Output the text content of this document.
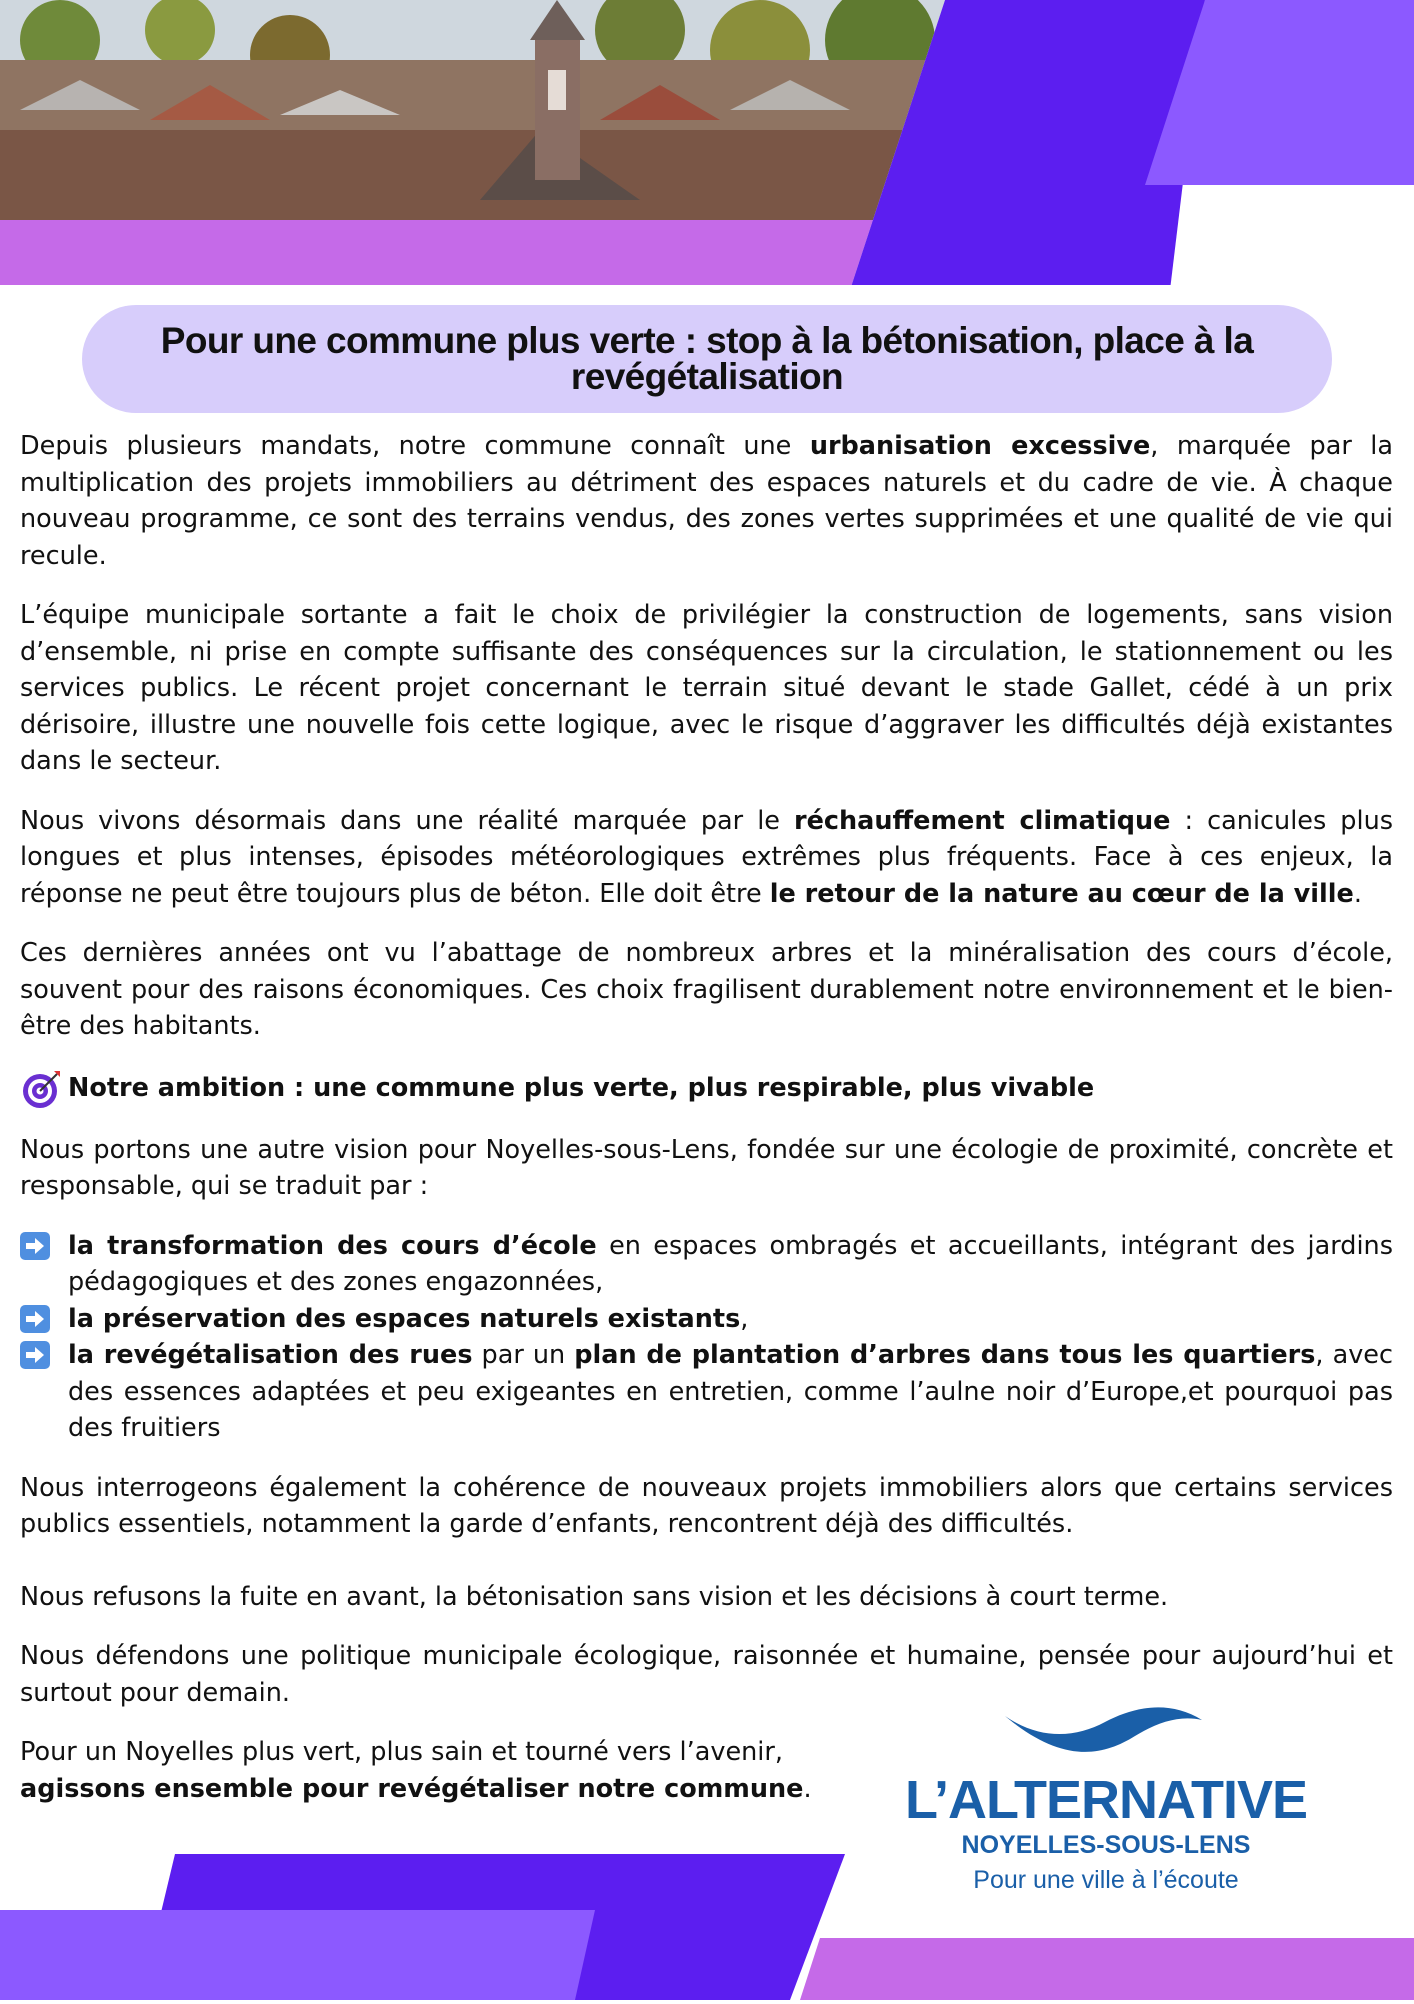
Pour une commune plus verte : stop à la bétonisation, place à la revégétalisation

Depuis plusieurs mandats, notre commune connaît une urbanisation excessive, marquée par la multiplication des projets immobiliers au détriment des espaces naturels et du cadre de vie. À chaque nouveau programme, ce sont des terrains vendus, des zones vertes supprimées et une qualité de vie qui recule.

L’équipe municipale sortante a fait le choix de privilégier la construction de logements, sans vision d’ensemble, ni prise en compte suffisante des conséquences sur la circulation, le stationnement ou les services publics. Le récent projet concernant le terrain situé devant le stade Gallet, cédé à un prix dérisoire, illustre une nouvelle fois cette logique, avec le risque d’aggraver les difficultés déjà existantes dans le secteur.

Nous vivons désormais dans une réalité marquée par le réchauffement climatique : canicules plus longues et plus intenses, épisodes météorologiques extrêmes plus fréquents. Face à ces enjeux, la réponse ne peut être toujours plus de béton. Elle doit être le retour de la nature au cœur de la ville.

Ces dernières années ont vu l’abattage de nombreux arbres et la minéralisation des cours d’école, souvent pour des raisons économiques. Ces choix fragilisent durablement notre environnement et le bien-être des habitants.

Notre ambition : une commune plus verte, plus respirable, plus vivable

Nous portons une autre vision pour Noyelles-sous-Lens, fondée sur une écologie de proximité, concrète et responsable, qui se traduit par :

la transformation des cours d’école en espaces ombragés et accueillants, intégrant des jardins pédagogiques et des zones engazonnées,
la préservation des espaces naturels existants,
la revégétalisation des rues par un plan de plantation d’arbres dans tous les quartiers, avec des essences adaptées et peu exigeantes en entretien, comme l’aulne noir d’Europe,et pourquoi pas des fruitiers

Nous interrogeons également la cohérence de nouveaux projets immobiliers alors que certains services publics essentiels, notamment la garde d’enfants, rencontrent déjà des difficultés.

Nous refusons la fuite en avant, la bétonisation sans vision et les décisions à court terme.

Nous défendons une politique municipale écologique, raisonnée et humaine, pensée pour aujourd’hui et surtout pour demain.

Pour un Noyelles plus vert, plus sain et tourné vers l’avenir,
agissons ensemble pour revégétaliser notre commune.	L’ALTERNATIVE
NOYELLES-SOUS-LENS
Pour une ville à l’écoute
